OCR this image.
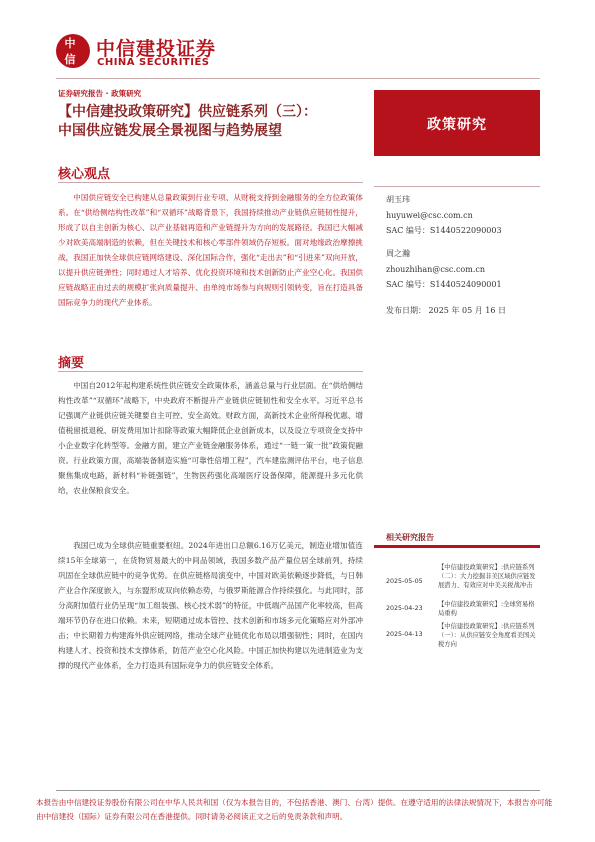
中信	中信建投证券
CHINA SECURITIES
证券研究报告 · 政策研究
【中信建投政策研究】供应链系列（三）：
中国供应链发展全景视图与趋势展望	政策研究
核心观点
中国供应链安全已构建从总量政策到行业专项、从财税支持到金融服务的全方位政策体系。在“供给侧结构性改革”和“双循环”战略背景下，我国持续推动产业链供应链韧性提升，形成了以自主创新为核心、以产业基础再造和产业链提升为方向的发展路径。我国已大幅减少对欧美高端制造的依赖，但在关键技术和核心零部件领域仍存短板。面对地缘政治摩擦挑战，我国正加快全球供应链网络建设、深化国际合作，强化“走出去”和“引进来”双向开放，以提升供应链弹性；同时通过人才培养、优化投资环境和技术创新防止产业空心化。我国供应链战略正由过去的规模扩张向质量提升、由单纯市场参与向规则引领转变，旨在打造具备国际竞争力的现代产业体系。
摘要
中国自2012年起构建系统性供应链安全政策体系，涵盖总量与行业层面。在“供给侧结构性改革”“双循环”战略下，中央政府不断提升产业链供应链韧性和安全水平。习近平总书记强调产业链供应链关键要自主可控、安全高效。财政方面，高新技术企业所得税优惠、增值税留抵退税、研发费用加计扣除等政策大幅降低企业创新成本，以及设立专项资金支持中小企业数字化转型等。金融方面，建立产业链金融服务体系，通过“一链一策一批”政策促融资。行业政策方面，高端装备制造实施“可靠性倍增工程”，汽车建监测评估平台，电子信息聚焦集成电路，新材料“补链强链”，生物医药强化高端医疗设备保障，能源提升多元化供给，农业保粮食安全。
我国已成为全球供应链重要枢纽。2024年进出口总额6.16万亿美元，制造业增加值连续15年全球第一，在货物贸易最大的中间品领域，我国多数产品产量位居全球前列，持续巩固在全球供应链中的竞争优势。在供应链格局演变中，中国对欧美依赖逐步降低，与日韩产业合作深度嵌入，与东盟形成双向依赖态势，与俄罗斯能源合作持续强化。与此同时，部分高附加值行业仍呈现“加工组装强、核心技术弱”的特征，中低端产品国产化率较高，但高端环节仍存在进口依赖。未来，短期通过成本管控、技术创新和市场多元化策略应对外部冲击；中长期着力构建海外供应链网络，推动全球产业链优化布局以增强韧性；同时，在国内构建人才、投资和技术支撑体系，防范产业空心化风险。中国正加快构建以先进制造业为支撑的现代产业体系，全力打造具有国际竞争力的供应链安全体系。
胡玉玮
huyuwei@csc.com.cn
SAC 编号：S1440522090003
周之瀚
zhouzhihan@csc.com.cn
SAC 编号：S1440524090001
发布日期： 2025 年 05 月 16 日
相关研究报告
2025-05-05
【中信建投政策研究】:供应链系列（二）：大力挖掘非美区域供应链发展潜力、有效应对中美关税战冲击
2025-04-23
【中信建投政策研究】:全球贸易格局重构
2025-04-13
【中信建投政策研究】:供应链系列（一）：从供应链安全角度看美国关税方向
本报告由中信建投证券股份有限公司在中华人民共和国（仅为本报告目的，不包括香港、澳门、台湾）提供。在遵守适用的法律法规情况下，本报告亦可能由中信建投（国际）证券有限公司在香港提供。同时请务必阅读正文之后的免责条款和声明。
